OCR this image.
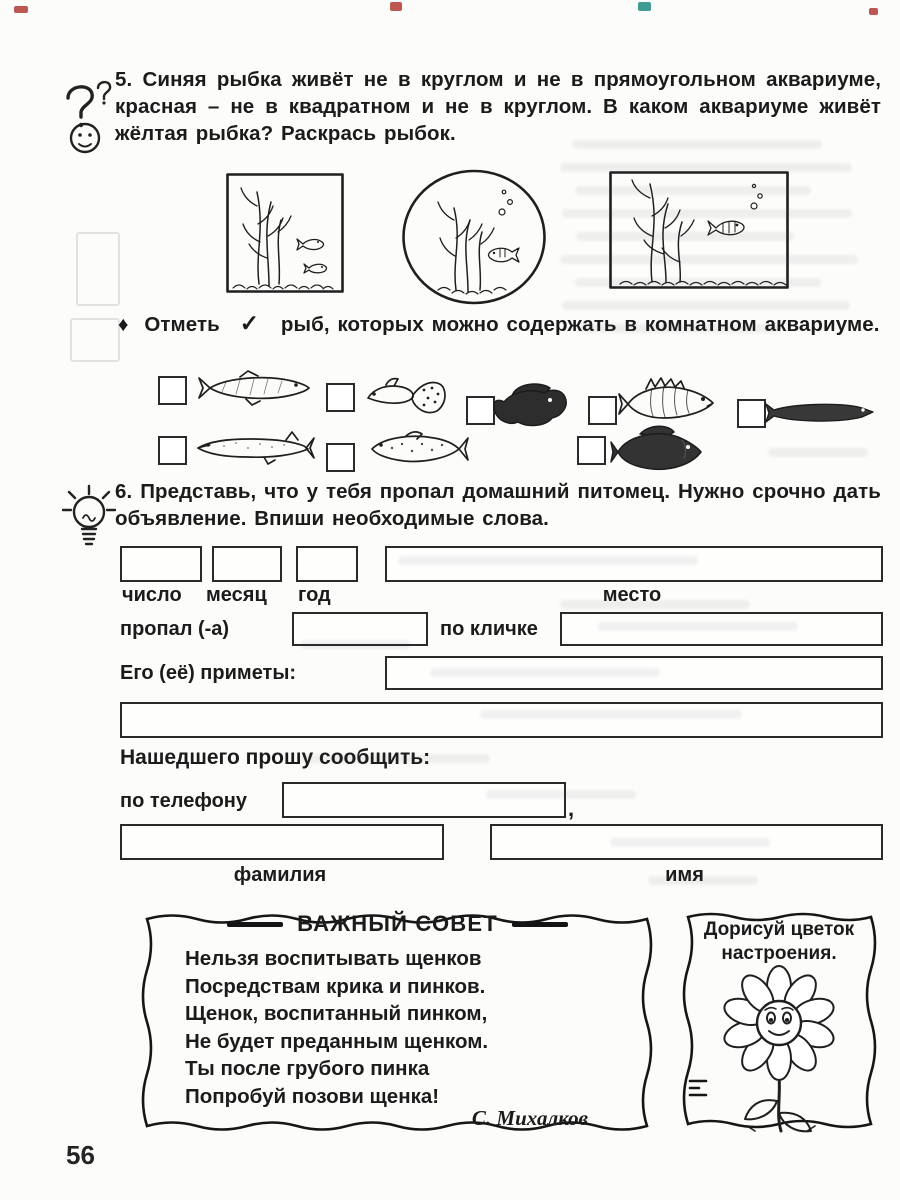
5. Синяя рыбка живёт не в круглом и не в прямоугольном аквариуме, красная – не в квадратном и не в круглом. В каком аквариуме живёт жёлтая рыбка? Раскрась рыбок.

♦ Отметь ✓ рыб, которых можно содержать в комнатном аквариуме.

6. Представь, что у тебя пропал домашний питомец. Нужно срочно дать объявление. Впиши необходимые слова.

число месяц год	место
пропал (-а)	по кличке
Его (её) приметы:
Нашедшего прошу сообщить:
по телефону	,
фамилия	имя
ВАЖНЫЙ СОВЕТ
Нельзя воспитывать щенков
Посредствам крика и пинков.
Щенок, воспитанный пинком,
Не будет преданным щенком.
Ты после грубого пинка
Попробуй позови щенка!
С. Михалков
Дорисуй цветок
настроения.
56
